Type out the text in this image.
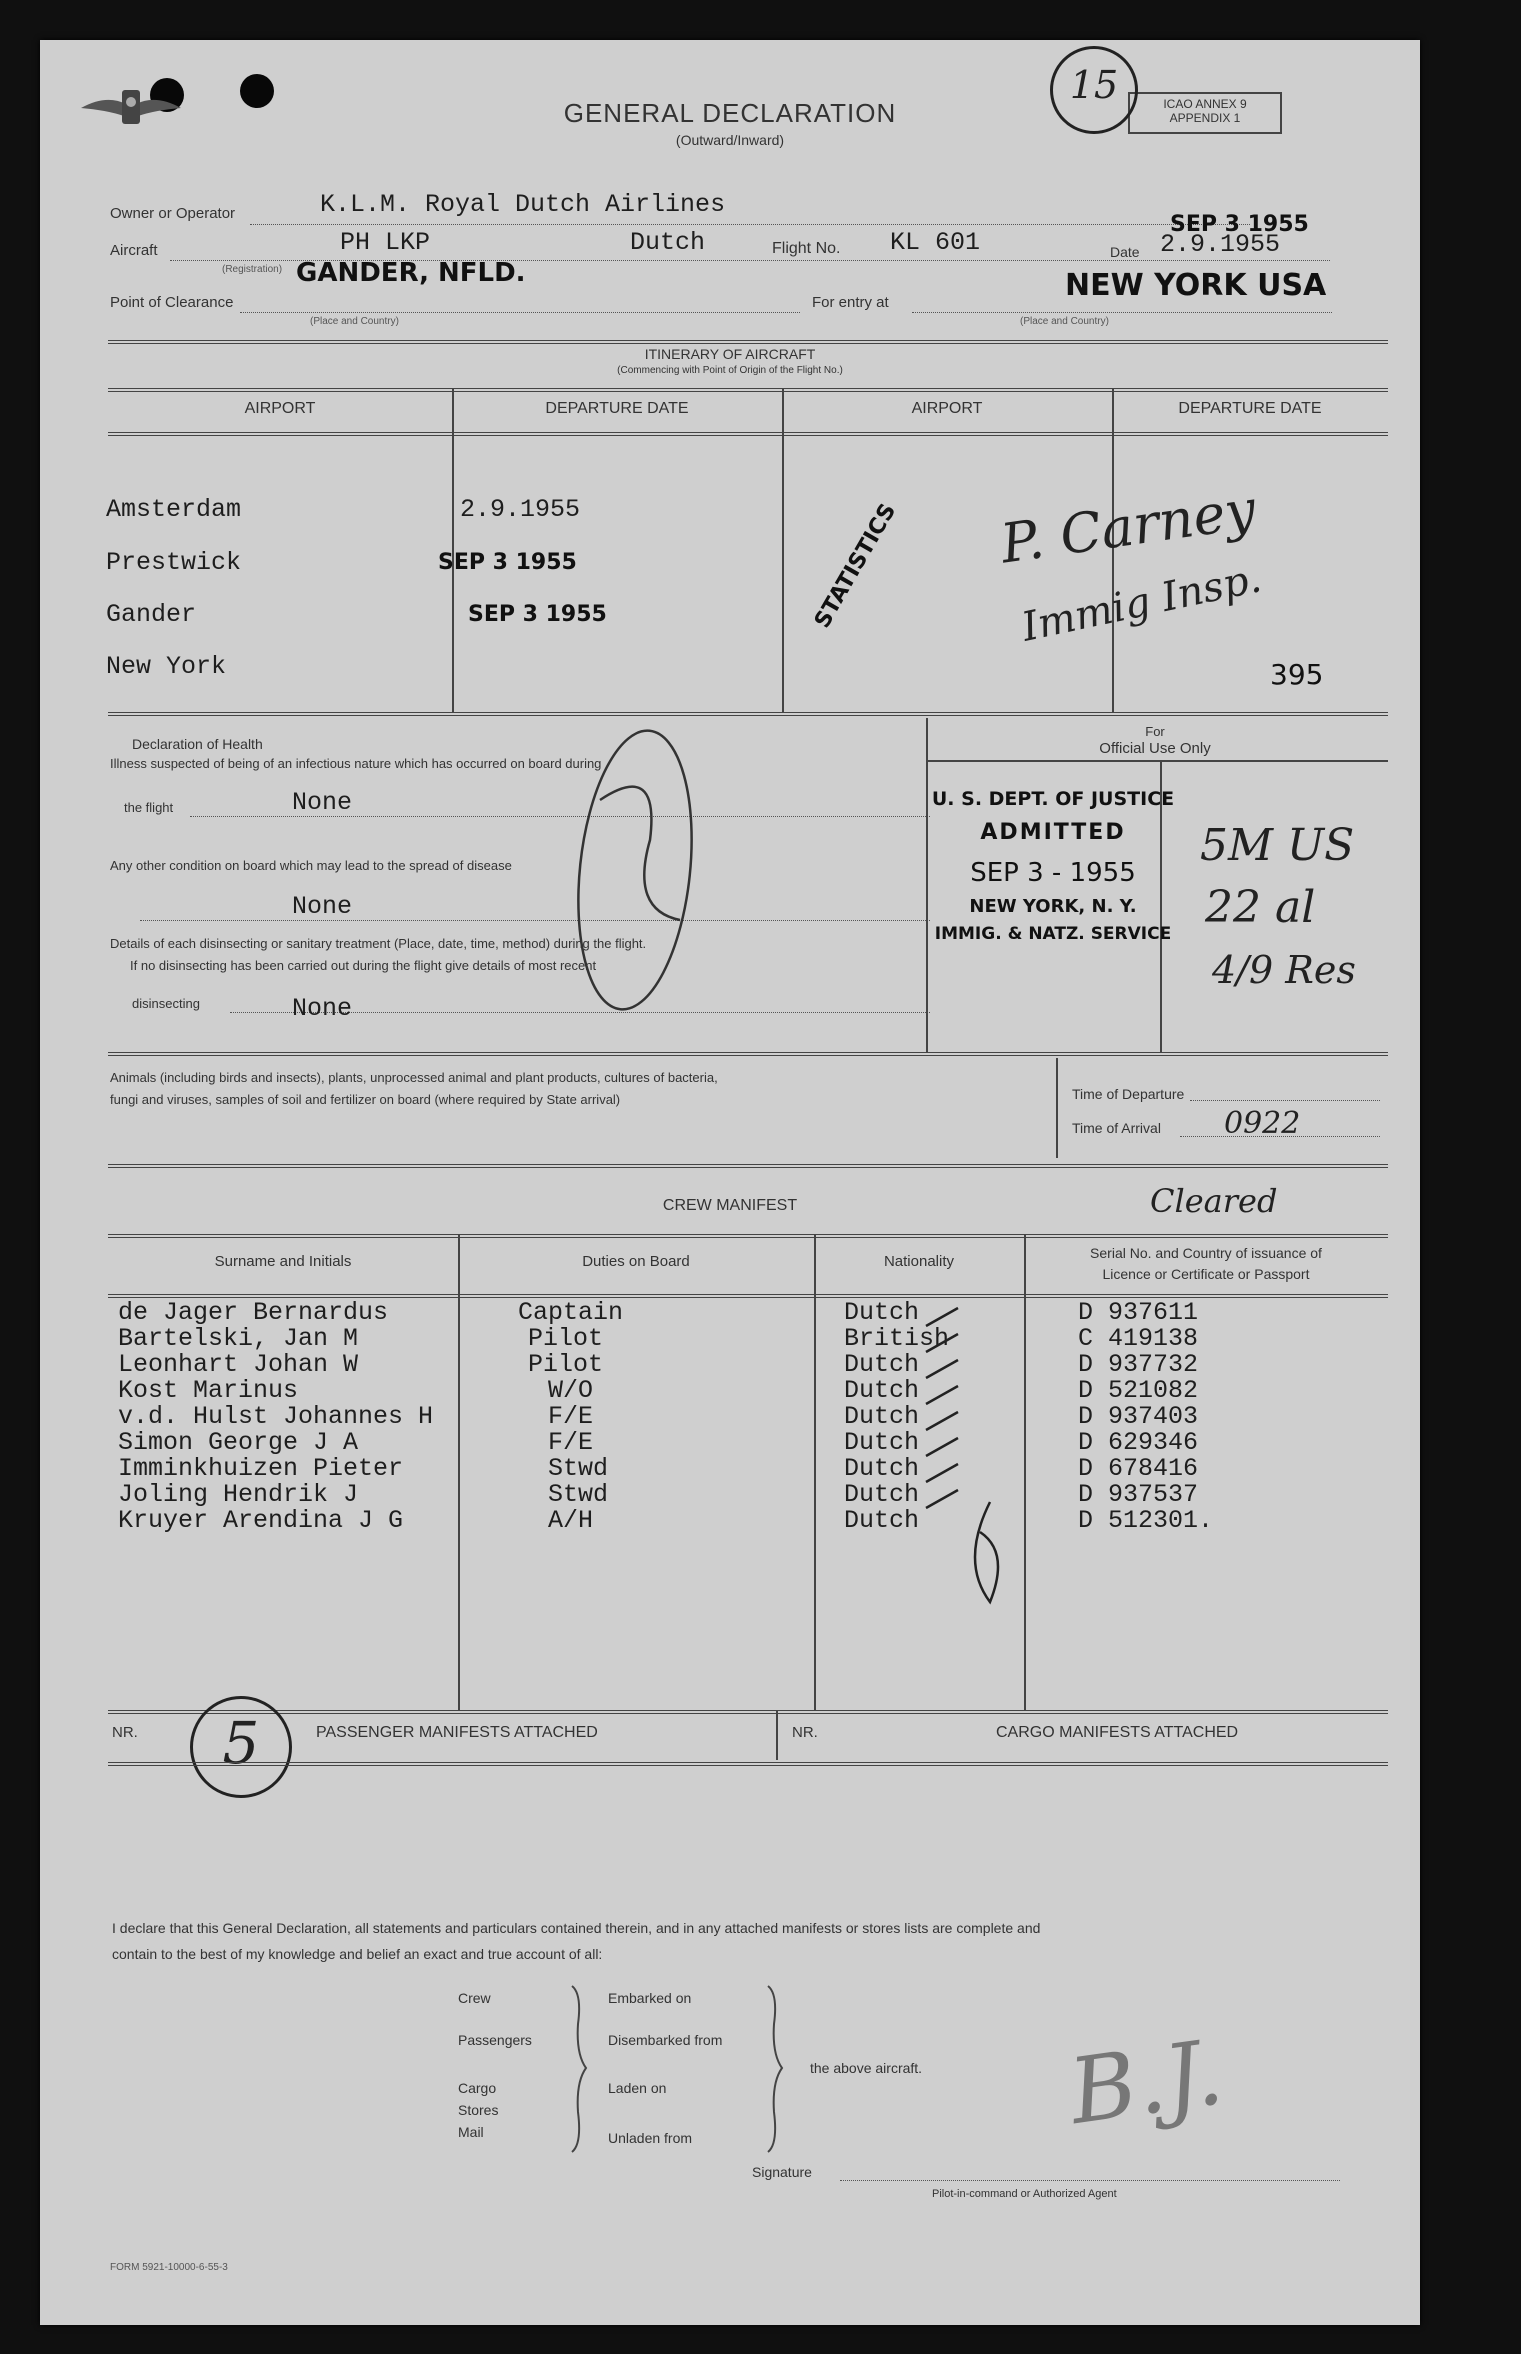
GENERAL DECLARATION
(Outward/Inward)
ICAO ANNEX 9
APPENDIX 1
15
Owner or Operator	K.L.M. Royal Dutch Airlines
Aircraft	PH LKP	Dutch	Flight No. KL 601	Date 2.9.1955
SEP 3 1955
(Registration) GANDER, NFLD.	NEW YORK USA
Point of Clearance	For entry at
(Place and Country)	(Place and Country)
ITINERARY OF AIRCRAFT
(Commencing with Point of Origin of the Flight No.)
AIRPORT	DEPARTURE DATE	AIRPORT	DEPARTURE DATE
Amsterdam	2.9.1955
Prestwick	SEP 3 1955
Gander	SEP 3 1955
New York
STATISTICS P. Carney
Immig Insp.
395
Declaration of Health
Illness suspected of being of an infectious nature which has occurred on board during
the flight	None
Any other condition on board which may lead to the spread of disease
None
Details of each disinsecting or sanitary treatment (Place, date, time, method) during the flight.
If no disinsecting has been carried out during the flight give details of most recent
disinsecting	None
For
Official Use Only
U. S. DEPT. OF JUSTICE
ADMITTED
SEP 3 - 1955
NEW YORK, N. Y.
IMMIG. & NATZ. SERVICE
5M US
22 al
4/9 Res
Animals (including birds and insects), plants, unprocessed animal and plant products, cultures of bacteria,
fungi and viruses, samples of soil and fertilizer on board (where required by State arrival)	Time of Departure
Time of Arrival 0922
CREW MANIFEST	Cleared
Surname and Initials	Duties on Board	Nationality	Serial No. and Country of issuance of
Licence or Certificate or Passport
de Jager Bernardus	Captain	Dutch	D 937611
Bartelski, Jan M	Pilot	British	C 419138
Leonhart Johan W	Pilot	Dutch	D 937732
Kost Marinus	W/O	Dutch	D 521082
v.d. Hulst Johannes H	F/E	Dutch	D 937403
Simon George J A	F/E	Dutch	D 629346
Imminkhuizen Pieter	Stwd	Dutch	D 678416
Joling Hendrik J	Stwd	Dutch	D 937537
Kruyer Arendina J G	A/H	Dutch	D 512301.
NR.	5	PASSENGER MANIFESTS ATTACHED	NR.	CARGO MANIFESTS ATTACHED
I declare that this General Declaration, all statements and particulars contained therein, and in any attached manifests or stores lists are complete and
contain to the best of my knowledge and belief an exact and true account of all:
Crew
Passengers
Cargo
Stores
Mail
Embarked on
Disembarked from
Laden on
Unladen from
the above aircraft. B.J.
Signature
Pilot-in-command or Authorized Agent
FORM 5921-10000-6-55-3
